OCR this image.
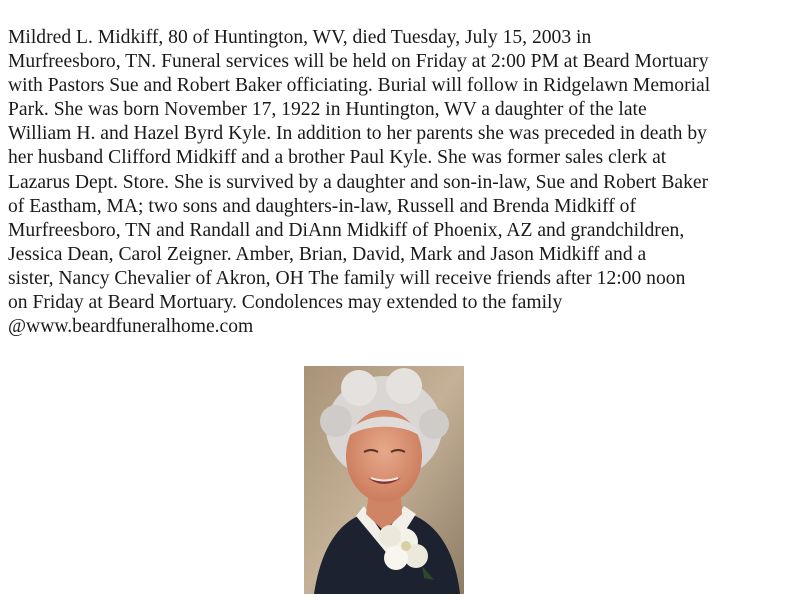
Mildred L. Midkiff, 80 of Huntington, WV, died Tuesday, July 15, 2003 in
Murfreesboro, TN. Funeral services will be held on Friday at 2:00 PM at Beard Mortuary
with Pastors Sue and Robert Baker officiating. Burial will follow in Ridgelawn Memorial
Park. She was born November 17, 1922 in Huntington, WV a daughter of the late
William H. and Hazel Byrd Kyle. In addition to her parents she was preceded in death by
her husband Clifford Midkiff and a brother Paul Kyle. She was former sales clerk at
Lazarus Dept. Store. She is survived by a daughter and son-in-law, Sue and Robert Baker
of Eastham, MA; two sons and daughters-in-law, Russell and Brenda Midkiff of
Murfreesboro, TN and Randall and DiAnn Midkiff of Phoenix, AZ and grandchildren,
Jessica Dean, Carol Zeigner. Amber, Brian, David, Mark and Jason Midkiff and a
sister, Nancy Chevalier of Akron, OH The family will receive friends after 12:00 noon
on Friday at Beard Mortuary. Condolences may extended to the family
@www.beardfuneralhome.com
